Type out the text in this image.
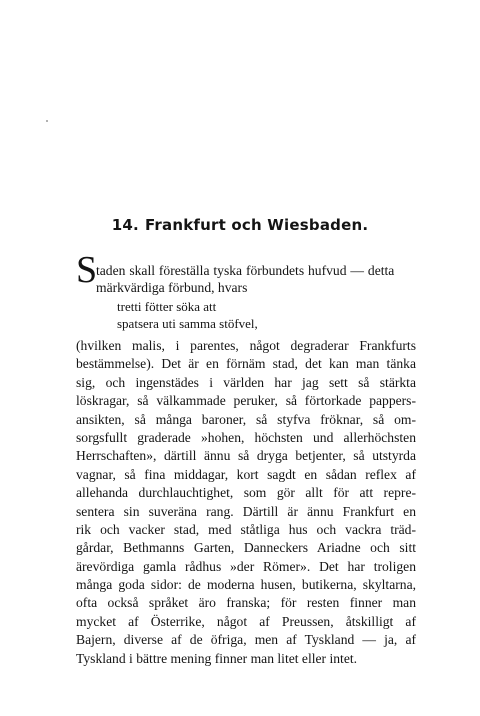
14. Frankfurt och Wiesbaden.
S
taden skall föreställa tyska förbundets hufvud — detta
märkvärdiga förbund, hvars
tretti fötter söka att
spatsera uti samma stöfvel,
(hvilken malis, i parentes, något degraderar Frankfurts
bestämmelse). Det är en förnäm stad, det kan man tänka
sig, och ingenstädes i världen har jag sett så stärkta
löskragar, så välkammade peruker, så förtorkade pappers-
ansikten, så många baroner, så styfva fröknar, så om-
sorgsfullt graderade »hohen, höchsten und allerhöchsten
Herrschaften», därtill ännu så dryga betjenter, så utstyrda
vagnar, så fina middagar, kort sagdt en sådan reflex af
allehanda durchlauchtighet, som gör allt för att repre-
sentera sin suveräna rang. Därtill är ännu Frankfurt en
rik och vacker stad, med ståtliga hus och vackra träd-
gårdar, Bethmanns Garten, Danneckers Ariadne och sitt
ärevördiga gamla rådhus »der Römer». Det har troligen
många goda sidor: de moderna husen, butikerna, skyltarna,
ofta också språket äro franska; för resten finner man
mycket af Österrike, något af Preussen, åtskilligt af
Bajern, diverse af de öfriga, men af Tyskland — ja, af
Tyskland i bättre mening finner man litet eller intet.
